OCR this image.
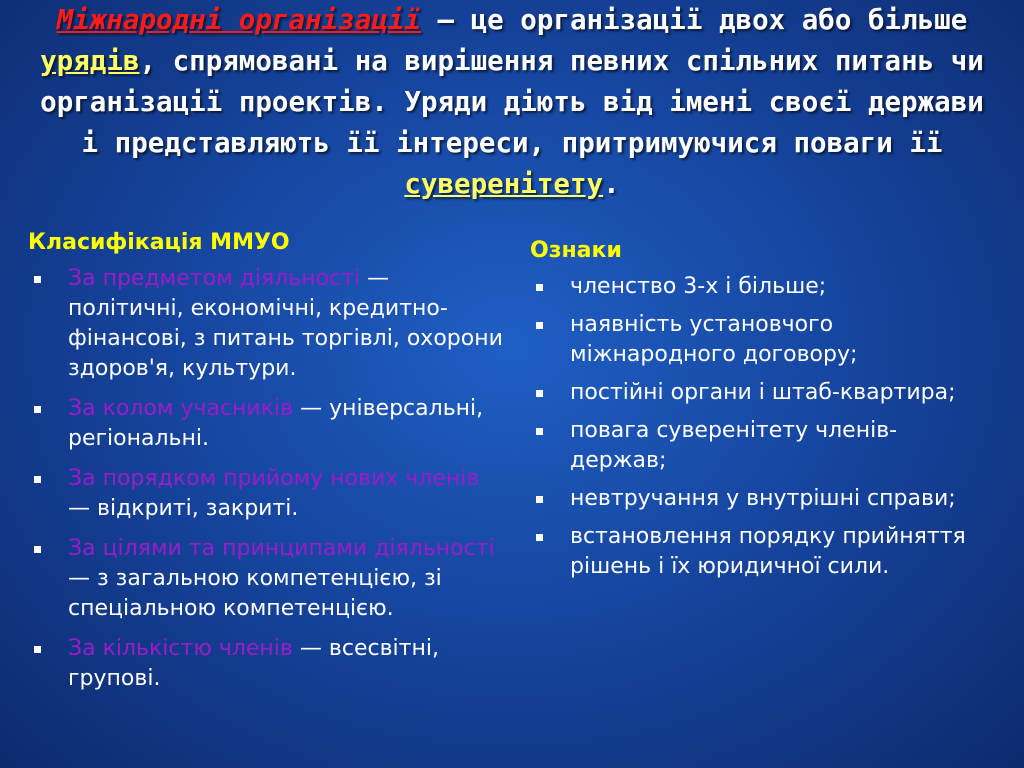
Міжнародні організації — це організації двох або більше урядів, спрямовані на вирішення певних спільних питань чи організації проектів. Уряди діють від імені своєї держави і представляють її інтереси, притримуючися поваги її суверенітету.
Класифікація ММУО
За предметом діяльності — політичні, економічні, кредитно-фінансові, з питань торгівлі, охорони здоров'я, культури.
За колом учасників — універсальні, регіональні.
За порядком прийому нових членів — відкриті, закриті.
За цілями та принципами діяльності — з загальною компетенцією, зі спеціальною компетенцією.
За кількістю членів — всесвітні, групові.
Ознаки
членство 3-х і більше;
наявність установчого міжнародного договору;
постійні органи і штаб-квартира;
повага суверенітету членів-держав;
невтручання у внутрішні справи;
встановлення порядку прийняття рішень і їх юридичної сили.
